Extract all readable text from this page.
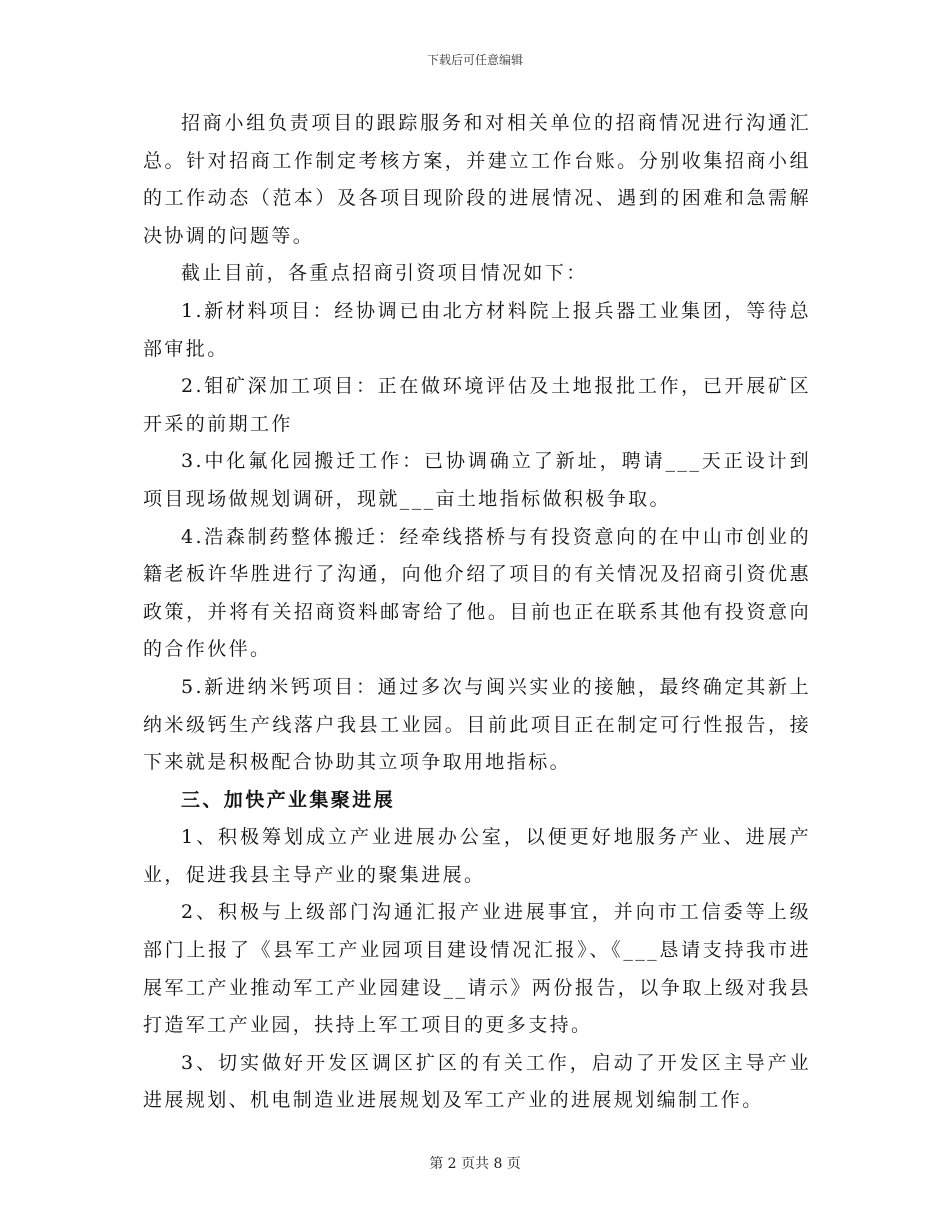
下载后可任意编辑

招商小组负责项目的跟踪服务和对相关单位的招商情况进行沟通汇总。针对招商工作制定考核方案，并建立工作台账。分别收集招商小组的工作动态（范本）及各项目现阶段的进展情况、遇到的困难和急需解决协调的问题等。

截止目前，各重点招商引资项目情况如下：

1.新材料项目：经协调已由北方材料院上报兵器工业集团，等待总部审批。

2.钼矿深加工项目：正在做环境评估及土地报批工作，已开展矿区开采的前期工作

3.中化氟化园搬迁工作：已协调确立了新址，聘请___天正设计到项目现场做规划调研，现就___亩土地指标做积极争取。

4.浩森制药整体搬迁：经牵线搭桥与有投资意向的在中山市创业的籍老板许华胜进行了沟通，向他介绍了项目的有关情况及招商引资优惠政策，并将有关招商资料邮寄给了他。目前也正在联系其他有投资意向的合作伙伴。

5.新进纳米钙项目：通过多次与闽兴实业的接触，最终确定其新上纳米级钙生产线落户我县工业园。目前此项目正在制定可行性报告，接下来就是积极配合协助其立项争取用地指标。

三、加快产业集聚进展

1、积极筹划成立产业进展办公室，以便更好地服务产业、进展产业，促进我县主导产业的聚集进展。

2、积极与上级部门沟通汇报产业进展事宜，并向市工信委等上级部门上报了《县军工产业园项目建设情况汇报》、《___恳请支持我市进展军工产业推动军工产业园建设__请示》两份报告，以争取上级对我县打造军工产业园，扶持上军工项目的更多支持。

3、切实做好开发区调区扩区的有关工作，启动了开发区主导产业进展规划、机电制造业进展规划及军工产业的进展规划编制工作。

第 2 页共 8 页
